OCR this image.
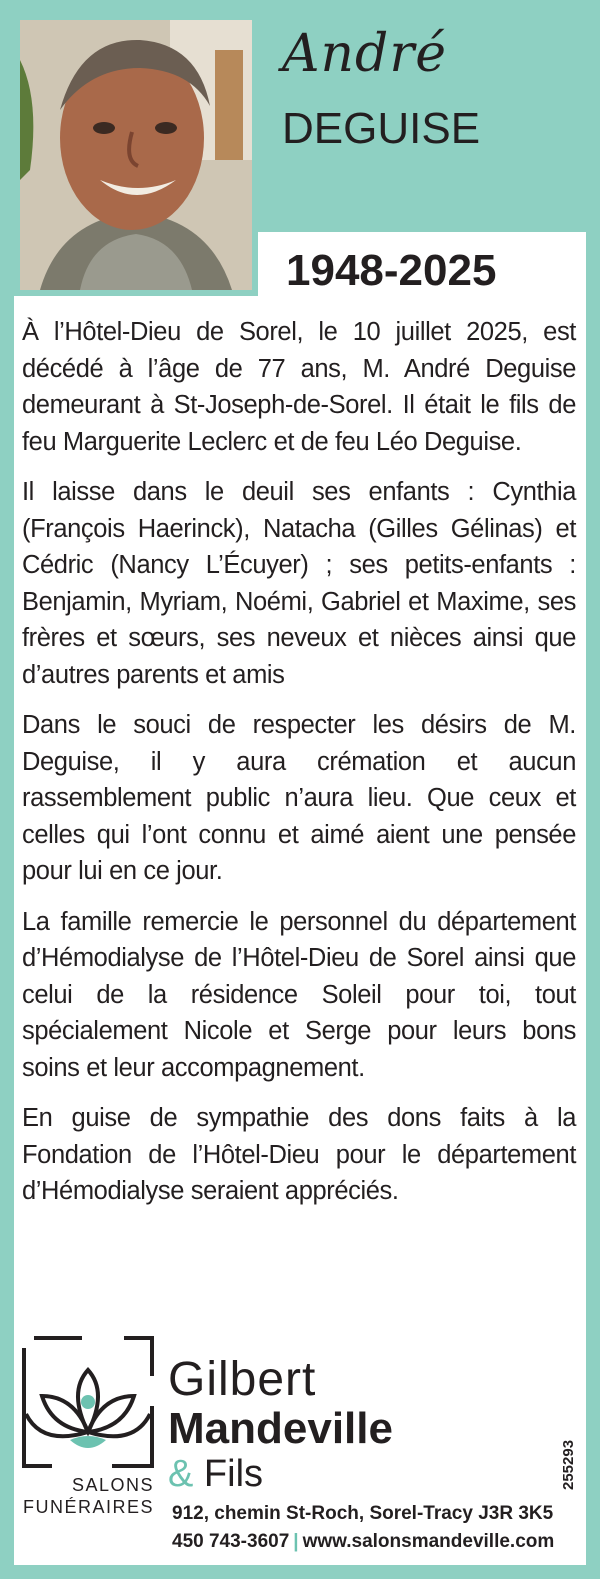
André
DEGUISE
1948-2025

À l’Hôtel-Dieu de Sorel, le 10 juillet 2025, est décédé à l’âge de 77 ans, M. André Deguise demeurant à St-Joseph-de-Sorel. Il était le fils de feu Marguerite Leclerc et de feu Léo Deguise.

Il laisse dans le deuil ses enfants : Cynthia (François Haerinck), Natacha (Gilles Gélinas) et Cédric (Nancy L’Écuyer) ; ses petits-enfants : Benjamin, Myriam, Noémi, Gabriel et Maxime, ses frères et sœurs, ses neveux et nièces ainsi que d’autres parents et amis

Dans le souci de respecter les désirs de M. Deguise, il y aura crémation et aucun rassemblement public n’aura lieu. Que ceux et celles qui l’ont connu et aimé aient une pensée pour lui en ce jour.

La famille remercie le personnel du département d’Hémodialyse de l’Hôtel-Dieu de Sorel ainsi que celui de la résidence Soleil pour toi, tout spécialement Nicole et Serge pour leurs bons soins et leur accompagnement.

En guise de sympathie des dons faits à la Fondation de l’Hôtel-Dieu pour le département d’Hémodialyse seraient appréciés.

Gilbert
Mandeville
& Fils
SALONS
FUNÉRAIRES 912, chemin St-Roch, Sorel-Tracy J3R 3K5
450 743-3607 | www.salonsmandeville.com
255293
